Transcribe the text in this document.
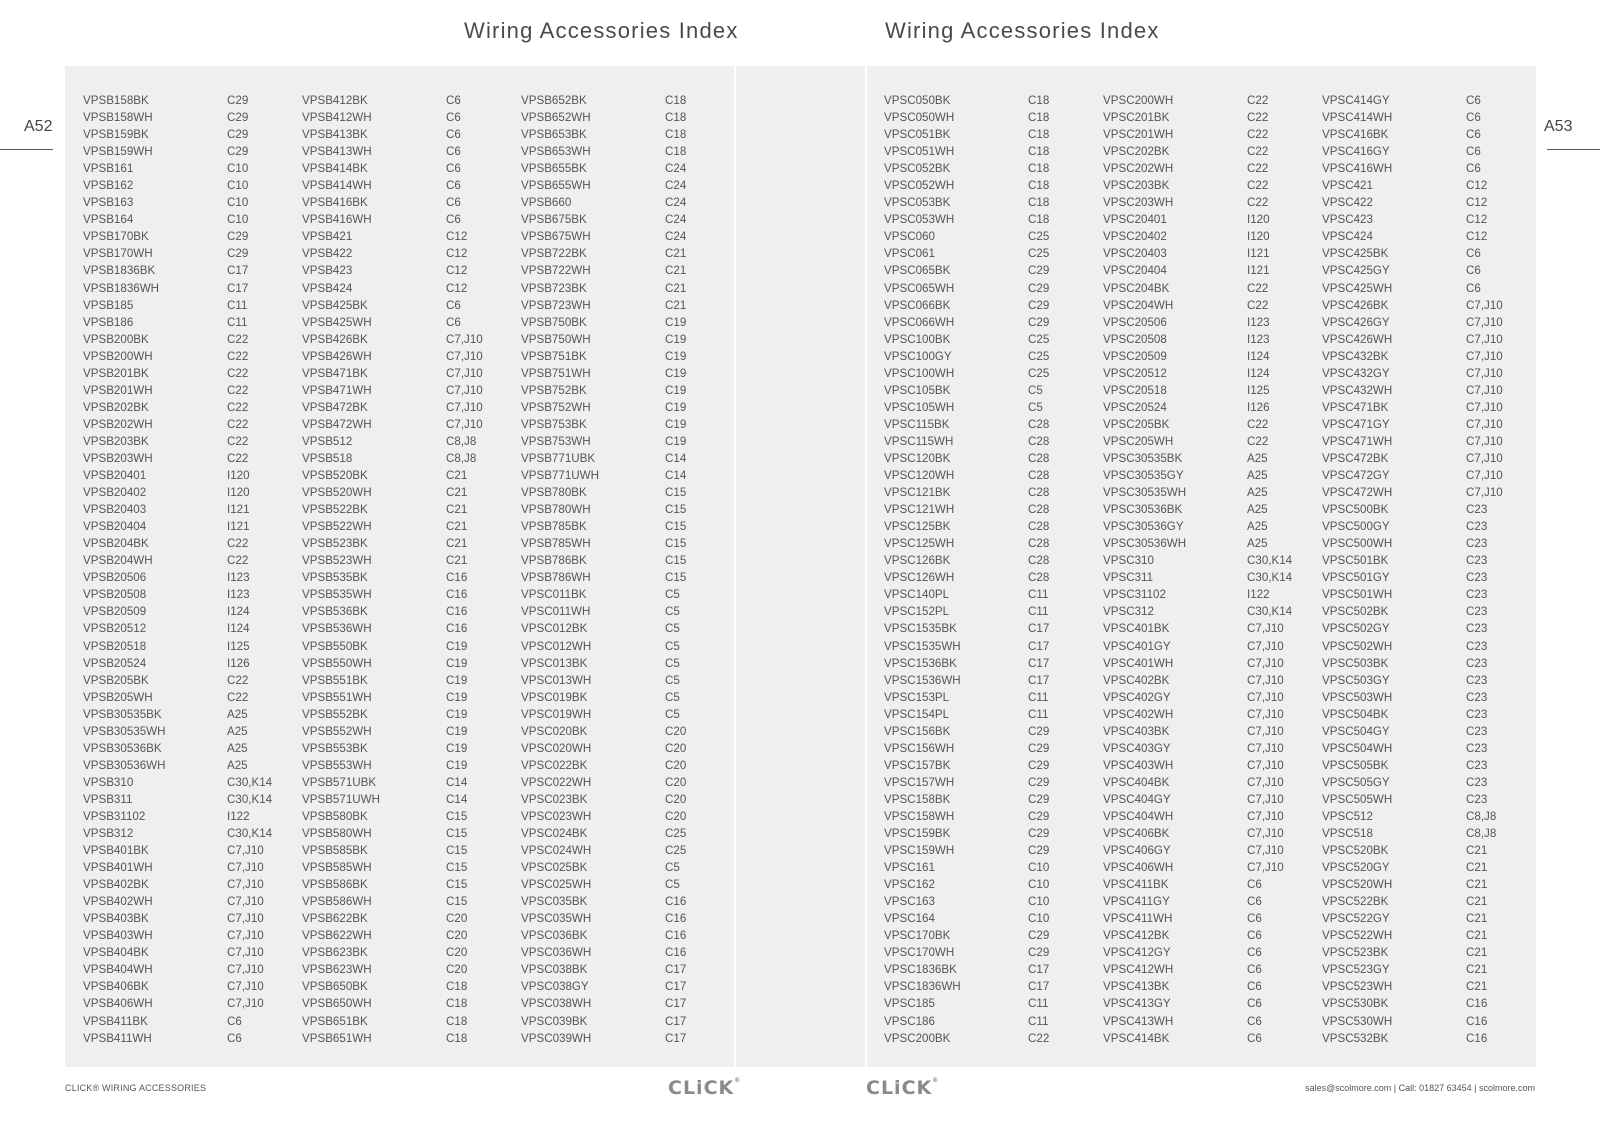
Wiring Accessories Index	Wiring Accessories Index
A52	A53
VPSB158BK	C29
VPSB158WH	C29
VPSB159BK	C29
VPSB159WH	C29
VPSB161	C10
VPSB162	C10
VPSB163	C10
VPSB164	C10
VPSB170BK	C29
VPSB170WH	C29
VPSB1836BK	C17
VPSB1836WH	C17
VPSB185	C11
VPSB186	C11
VPSB200BK	C22
VPSB200WH	C22
VPSB201BK	C22
VPSB201WH	C22
VPSB202BK	C22
VPSB202WH	C22
VPSB203BK	C22
VPSB203WH	C22
VPSB20401	I120
VPSB20402	I120
VPSB20403	I121
VPSB20404	I121
VPSB204BK	C22
VPSB204WH	C22
VPSB20506	I123
VPSB20508	I123
VPSB20509	I124
VPSB20512	I124
VPSB20518	I125
VPSB20524	I126
VPSB205BK	C22
VPSB205WH	C22
VPSB30535BK	A25
VPSB30535WH	A25
VPSB30536BK	A25
VPSB30536WH	A25
VPSB310	C30,K14
VPSB311	C30,K14
VPSB31102	I122
VPSB312	C30,K14
VPSB401BK	C7,J10
VPSB401WH	C7,J10
VPSB402BK	C7,J10
VPSB402WH	C7,J10
VPSB403BK	C7,J10
VPSB403WH	C7,J10
VPSB404BK	C7,J10
VPSB404WH	C7,J10
VPSB406BK	C7,J10
VPSB406WH	C7,J10
VPSB411BK	C6
VPSB411WH	C6
VPSB412BK	C6
VPSB412WH	C6
VPSB413BK	C6
VPSB413WH	C6
VPSB414BK	C6
VPSB414WH	C6
VPSB416BK	C6
VPSB416WH	C6
VPSB421	C12
VPSB422	C12
VPSB423	C12
VPSB424	C12
VPSB425BK	C6
VPSB425WH	C6
VPSB426BK	C7,J10
VPSB426WH	C7,J10
VPSB471BK	C7,J10
VPSB471WH	C7,J10
VPSB472BK	C7,J10
VPSB472WH	C7,J10
VPSB512	C8,J8
VPSB518	C8,J8
VPSB520BK	C21
VPSB520WH	C21
VPSB522BK	C21
VPSB522WH	C21
VPSB523BK	C21
VPSB523WH	C21
VPSB535BK	C16
VPSB535WH	C16
VPSB536BK	C16
VPSB536WH	C16
VPSB550BK	C19
VPSB550WH	C19
VPSB551BK	C19
VPSB551WH	C19
VPSB552BK	C19
VPSB552WH	C19
VPSB553BK	C19
VPSB553WH	C19
VPSB571UBK	C14
VPSB571UWH	C14
VPSB580BK	C15
VPSB580WH	C15
VPSB585BK	C15
VPSB585WH	C15
VPSB586BK	C15
VPSB586WH	C15
VPSB622BK	C20
VPSB622WH	C20
VPSB623BK	C20
VPSB623WH	C20
VPSB650BK	C18
VPSB650WH	C18
VPSB651BK	C18
VPSB651WH	C18
VPSB652BK	C18
VPSB652WH	C18
VPSB653BK	C18
VPSB653WH	C18
VPSB655BK	C24
VPSB655WH	C24
VPSB660	C24
VPSB675BK	C24
VPSB675WH	C24
VPSB722BK	C21
VPSB722WH	C21
VPSB723BK	C21
VPSB723WH	C21
VPSB750BK	C19
VPSB750WH	C19
VPSB751BK	C19
VPSB751WH	C19
VPSB752BK	C19
VPSB752WH	C19
VPSB753BK	C19
VPSB753WH	C19
VPSB771UBK	C14
VPSB771UWH	C14
VPSB780BK	C15
VPSB780WH	C15
VPSB785BK	C15
VPSB785WH	C15
VPSB786BK	C15
VPSB786WH	C15
VPSC011BK	C5
VPSC011WH	C5
VPSC012BK	C5
VPSC012WH	C5
VPSC013BK	C5
VPSC013WH	C5
VPSC019BK	C5
VPSC019WH	C5
VPSC020BK	C20
VPSC020WH	C20
VPSC022BK	C20
VPSC022WH	C20
VPSC023BK	C20
VPSC023WH	C20
VPSC024BK	C25
VPSC024WH	C25
VPSC025BK	C5
VPSC025WH	C5
VPSC035BK	C16
VPSC035WH	C16
VPSC036BK	C16
VPSC036WH	C16
VPSC038BK	C17
VPSC038GY	C17
VPSC038WH	C17
VPSC039BK	C17
VPSC039WH	C17
VPSC050BK	C18
VPSC050WH	C18
VPSC051BK	C18
VPSC051WH	C18
VPSC052BK	C18
VPSC052WH	C18
VPSC053BK	C18
VPSC053WH	C18
VPSC060	C25
VPSC061	C25
VPSC065BK	C29
VPSC065WH	C29
VPSC066BK	C29
VPSC066WH	C29
VPSC100BK	C25
VPSC100GY	C25
VPSC100WH	C25
VPSC105BK	C5
VPSC105WH	C5
VPSC115BK	C28
VPSC115WH	C28
VPSC120BK	C28
VPSC120WH	C28
VPSC121BK	C28
VPSC121WH	C28
VPSC125BK	C28
VPSC125WH	C28
VPSC126BK	C28
VPSC126WH	C28
VPSC140PL	C11
VPSC152PL	C11
VPSC1535BK	C17
VPSC1535WH	C17
VPSC1536BK	C17
VPSC1536WH	C17
VPSC153PL	C11
VPSC154PL	C11
VPSC156BK	C29
VPSC156WH	C29
VPSC157BK	C29
VPSC157WH	C29
VPSC158BK	C29
VPSC158WH	C29
VPSC159BK	C29
VPSC159WH	C29
VPSC161	C10
VPSC162	C10
VPSC163	C10
VPSC164	C10
VPSC170BK	C29
VPSC170WH	C29
VPSC1836BK	C17
VPSC1836WH	C17
VPSC185	C11
VPSC186	C11
VPSC200BK	C22
VPSC200WH	C22
VPSC201BK	C22
VPSC201WH	C22
VPSC202BK	C22
VPSC202WH	C22
VPSC203BK	C22
VPSC203WH	C22
VPSC20401	I120
VPSC20402	I120
VPSC20403	I121
VPSC20404	I121
VPSC204BK	C22
VPSC204WH	C22
VPSC20506	I123
VPSC20508	I123
VPSC20509	I124
VPSC20512	I124
VPSC20518	I125
VPSC20524	I126
VPSC205BK	C22
VPSC205WH	C22
VPSC30535BK	A25
VPSC30535GY	A25
VPSC30535WH	A25
VPSC30536BK	A25
VPSC30536GY	A25
VPSC30536WH	A25
VPSC310	C30,K14
VPSC311	C30,K14
VPSC31102	I122
VPSC312	C30,K14
VPSC401BK	C7,J10
VPSC401GY	C7,J10
VPSC401WH	C7,J10
VPSC402BK	C7,J10
VPSC402GY	C7,J10
VPSC402WH	C7,J10
VPSC403BK	C7,J10
VPSC403GY	C7,J10
VPSC403WH	C7,J10
VPSC404BK	C7,J10
VPSC404GY	C7,J10
VPSC404WH	C7,J10
VPSC406BK	C7,J10
VPSC406GY	C7,J10
VPSC406WH	C7,J10
VPSC411BK	C6
VPSC411GY	C6
VPSC411WH	C6
VPSC412BK	C6
VPSC412GY	C6
VPSC412WH	C6
VPSC413BK	C6
VPSC413GY	C6
VPSC413WH	C6
VPSC414BK	C6
VPSC414GY	C6
VPSC414WH	C6
VPSC416BK	C6
VPSC416GY	C6
VPSC416WH	C6
VPSC421	C12
VPSC422	C12
VPSC423	C12
VPSC424	C12
VPSC425BK	C6
VPSC425GY	C6
VPSC425WH	C6
VPSC426BK	C7,J10
VPSC426GY	C7,J10
VPSC426WH	C7,J10
VPSC432BK	C7,J10
VPSC432GY	C7,J10
VPSC432WH	C7,J10
VPSC471BK	C7,J10
VPSC471GY	C7,J10
VPSC471WH	C7,J10
VPSC472BK	C7,J10
VPSC472GY	C7,J10
VPSC472WH	C7,J10
VPSC500BK	C23
VPSC500GY	C23
VPSC500WH	C23
VPSC501BK	C23
VPSC501GY	C23
VPSC501WH	C23
VPSC502BK	C23
VPSC502GY	C23
VPSC502WH	C23
VPSC503BK	C23
VPSC503GY	C23
VPSC503WH	C23
VPSC504BK	C23
VPSC504GY	C23
VPSC504WH	C23
VPSC505BK	C23
VPSC505GY	C23
VPSC505WH	C23
VPSC512	C8,J8
VPSC518	C8,J8
VPSC520BK	C21
VPSC520GY	C21
VPSC520WH	C21
VPSC522BK	C21
VPSC522GY	C21
VPSC522WH	C21
VPSC523BK	C21
VPSC523GY	C21
VPSC523WH	C21
VPSC530BK	C16
VPSC530WH	C16
VPSC532BK	C16
CLICK® WIRING ACCESSORIES	CLiCK®	CLiCK®
sales@scolmore.com | Call: 01827 63454 | scolmore.com
